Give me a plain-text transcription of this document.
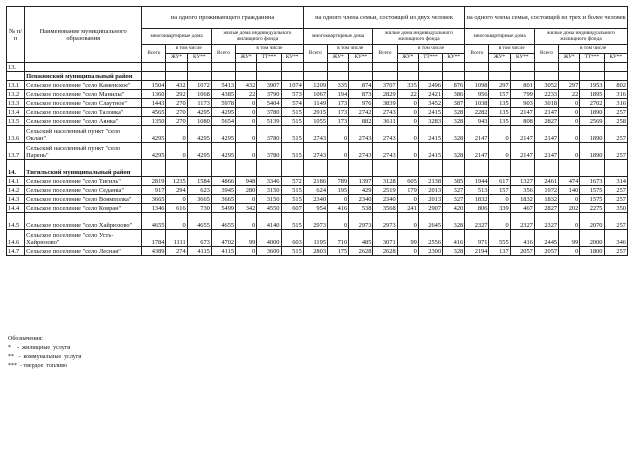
№ п/п	Наименование муниципального образования	на одного проживающего гражданина							на одного члена семьи, состоящей из двух человек							на одного члена семьи, состоящей из трех и более человек						
		многоквартирные дома			жилые дома индивидуального жилищного фонда				многоквартирные дома			жилые дома индивидуального жилищного фонда				многоквартирные дома			жилые дома индивидуального жилищного фонда			
		Всего	в том числе		Всего	в том числе			Всего	в том числе		Всего	в том числе			Всего	в том числе		Всего	в том числе		
			ЖУ*	КУ**		ЖУ*	ТТ***	КУ**		ЖУ*	КУ**		ЖУ*	ТТ***	КУ**		ЖУ*	КУ**		ЖУ*	ТТ***	КУ**
13.																						
	Пенжинский муниципальный район																					
13.1	Сельское поселение "село Каменское"	1504	432	1072	5413	432	3907	1074	1209	335	874	3707	335	2496	876	1098	297	801	3052	297	1953	802
13.2	Сельское поселение "село Манилы"	1360	292	1068	4385	22	3790	573	1067	194	873	2829	22	2421	386	956	157	799	2233	22	1895	316
13.3	Сельское поселение "село Слаутное"	1443	270	1173	5978	0	5404	574	1149	173	976	3839	0	3452	387	1038	135	903	3018	0	2702	316
13.4	Сельское поселение "село Таловка"	4565	270	4295	4295	0	3780	515	2915	173	2742	2743	0	2415	328	2282	135	2147	2147	0	1890	257
13.5	Сельское поселение "село Аянка"	1350	270	1080	5654	0	5139	515	1055	173	882	3611	0	3283	328	943	135	808	2827	0	2569	258
13.6	Сельский населенный пункт "село Оклан"	4295	0	4295	4295	0	3780	515	2743	0	2743	2743	0	2415	328	2147	0	2147	2147	0	1890	257
13.7	Сельский населенный пункт "село Парень"	4295	0	4295	4295	0	3780	515	2743	0	2743	2743	0	2415	328	2147	0	2147	2147	0	1890	257
14.	Тигильский муниципальный район																					
14.1	Сельское поселение "село Тигиль"	2819	1235	1584	4866	948	3346	572	2186	789	1397	3128	605	2138	385	1944	617	1327	2461	474	1673	314
14.2	Сельское поселение "село Седанка"	917	294	623	3945	280	3150	515	624	195	429	2519	179	2013	327	513	157	356	1972	140	1575	257
14.3	Сельское поселение "село Воямполка"	3665	0	3665	3665	0	3150	515	2340	0	2340	2340	0	2013	327	1832	0	1832	1832	0	1575	257
14.4	Сельское поселение "село Ковран"	1346	616	730	5499	342	4550	607	954	416	538	3568	241	2907	420	806	339	467	2827	202	2275	350
14.5	Сельское поселение "село Хайрюзово"	4655	0	4655	4655	0	4140	515	2973	0	2973	2973	0	2645	328	2327	0	2327	2327	0	2070	257
14.6	Сельское поселение "село Усть-Хайрюзово"	1784	1111	673	4702	99	4000	603	1195	710	485	3071	99	2556	416	971	555	416	2445	99	2000	346
14.7	Сельское поселение "село Лесная"	4389	274	4115	4115	0	3600	515	2803	175	2628	2628	0	2300	328	2194	137	2057	2057	0	1800	257
Обозначения:
*    -  жилищные  услуги
**   -  коммунальные  услуги
***  - твердое  топливо
